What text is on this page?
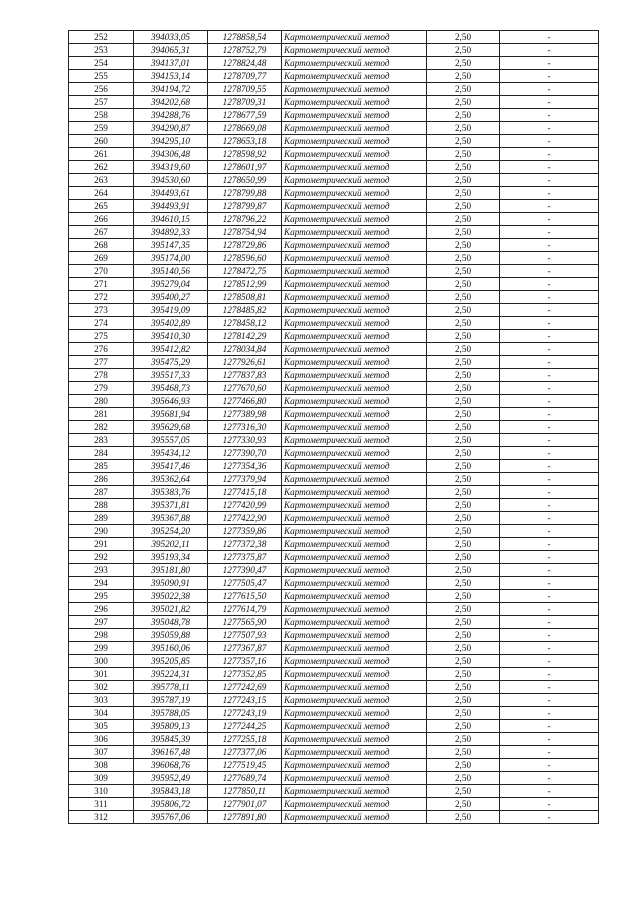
252	394033,05	1278858,54	Картометрический метод	2,50	-
253	394065,31	1278752,79	Картометрический метод	2,50	-
254	394137,01	1278824,48	Картометрический метод	2,50	-
255	394153,14	1278709,77	Картометрический метод	2,50	-
256	394194,72	1278709,55	Картометрический метод	2,50	-
257	394202,68	1278709,31	Картометрический метод	2,50	-
258	394288,76	1278677,59	Картометрический метод	2,50	-
259	394290,87	1278669,08	Картометрический метод	2,50	-
260	394295,10	1278653,18	Картометрический метод	2,50	-
261	394306,48	1278598,92	Картометрический метод	2,50	-
262	394319,60	1278601,97	Картометрический метод	2,50	-
263	394530,60	1278650,99	Картометрический метод	2,50	-
264	394493,61	1278799,88	Картометрический метод	2,50	-
265	394493,91	1278799,87	Картометрический метод	2,50	-
266	394610,15	1278796,22	Картометрический метод	2,50	-
267	394892,33	1278754,94	Картометрический метод	2,50	-
268	395147,35	1278729,86	Картометрический метод	2,50	-
269	395174,00	1278596,60	Картометрический метод	2,50	-
270	395140,56	1278472,75	Картометрический метод	2,50	-
271	395279,04	1278512,99	Картометрический метод	2,50	-
272	395400,27	1278508,81	Картометрический метод	2,50	-
273	395419,09	1278485,82	Картометрический метод	2,50	-
274	395402,89	1278458,12	Картометрический метод	2,50	-
275	395410,30	1278142,29	Картометрический метод	2,50	-
276	395412,82	1278034,84	Картометрический метод	2,50	-
277	395475,29	1277926,61	Картометрический метод	2,50	-
278	395517,33	1277837,83	Картометрический метод	2,50	-
279	395468,73	1277670,60	Картометрический метод	2,50	-
280	395646,93	1277466,80	Картометрический метод	2,50	-
281	395681,94	1277389,98	Картометрический метод	2,50	-
282	395629,68	1277316,30	Картометрический метод	2,50	-
283	395557,05	1277330,93	Картометрический метод	2,50	-
284	395434,12	1277390,70	Картометрический метод	2,50	-
285	395417,46	1277354,36	Картометрический метод	2,50	-
286	395362,64	1277379,94	Картометрический метод	2,50	-
287	395383,76	1277415,18	Картометрический метод	2,50	-
288	395371,81	1277420,99	Картометрический метод	2,50	-
289	395367,88	1277422,90	Картометрический метод	2,50	-
290	395254,20	1277359,86	Картометрический метод	2,50	-
291	395202,11	1277372,38	Картометрический метод	2,50	-
292	395193,34	1277375,87	Картометрический метод	2,50	-
293	395181,80	1277390,47	Картометрический метод	2,50	-
294	395090,91	1277505,47	Картометрический метод	2,50	-
295	395022,38	1277615,50	Картометрический метод	2,50	-
296	395021,82	1277614,79	Картометрический метод	2,50	-
297	395048,78	1277565,90	Картометрический метод	2,50	-
298	395059,88	1277507,93	Картометрический метод	2,50	-
299	395160,06	1277367,87	Картометрический метод	2,50	-
300	395205,85	1277357,16	Картометрический метод	2,50	-
301	395224,31	1277352,85	Картометрический метод	2,50	-
302	395778,11	1277242,69	Картометрический метод	2,50	-
303	395787,19	1277243,15	Картометрический метод	2,50	-
304	395788,05	1277243,19	Картометрический метод	2,50	-
305	395809,13	1277244,25	Картометрический метод	2,50	-
306	395845,39	1277255,18	Картометрический метод	2,50	-
307	396167,48	1277377,06	Картометрический метод	2,50	-
308	396068,76	1277519,45	Картометрический метод	2,50	-
309	395952,49	1277689,74	Картометрический метод	2,50	-
310	395843,18	1277850,11	Картометрический метод	2,50	-
311	395806,72	1277901,07	Картометрический метод	2,50	-
312	395767,06	1277891,80	Картометрический метод	2,50	-
